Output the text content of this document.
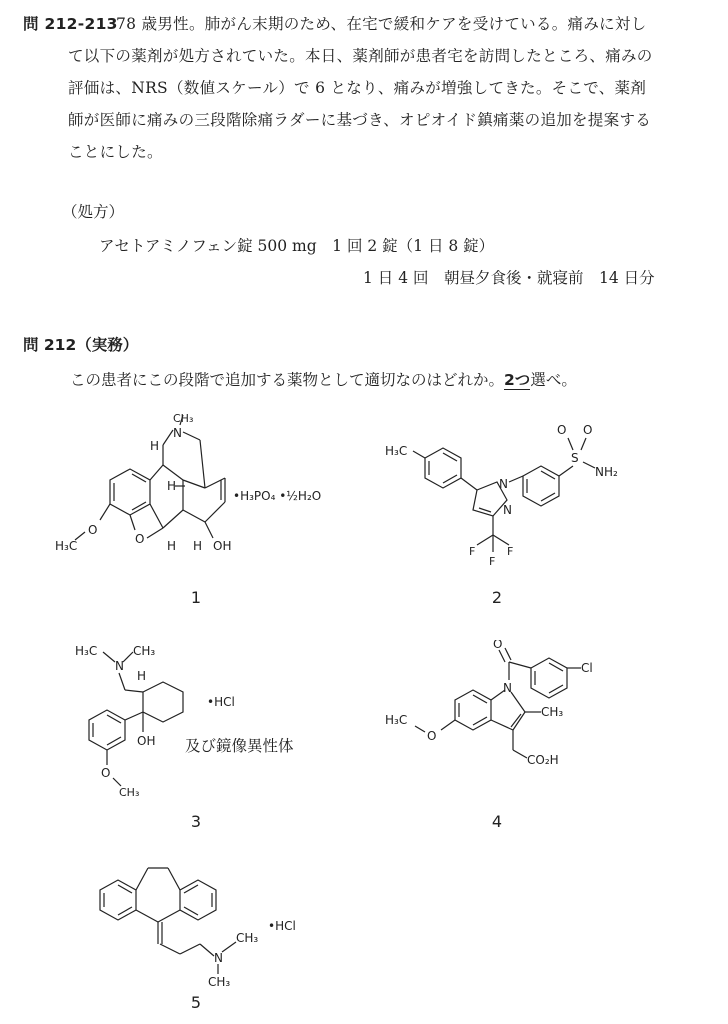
問 212-213
78 歳男性。肺がん末期のため、在宅で緩和ケアを受けている。痛みに対し
て以下の薬剤が処方されていた。本日、薬剤師が患者宅を訪問したところ、痛みの
評価は、NRS（数値スケール）で 6 となり、痛みが増強してきた。そこで、薬剤
師が医師に痛みの三段階除痛ラダーに基づき、オピオイド鎮痛薬の追加を提案する
ことにした。
（処方）
アセトアミノフェン錠 500 mg　1 回 2 錠（1 日 8 錠）
1 日 4 回　朝昼夕食後・就寝前　14 日分
問 212（実務）
この患者にこの段階で追加する薬物として適切なのはどれか。2つ選べ。
O
H₃C	O
N
CH₃
H
H
H H OH
•H₃PO₄ •½H₂O
1
H₃C
N
N
F
F
F
S
O O
NH₂
2
H₃C
N
CH₃
H
OH
O
CH₃
•HCl
及び鏡像異性体
3
N
CH₃
O
Cl
O
H₃C
CO₂H
4
N
CH₃
CH₃
•HCl
5
